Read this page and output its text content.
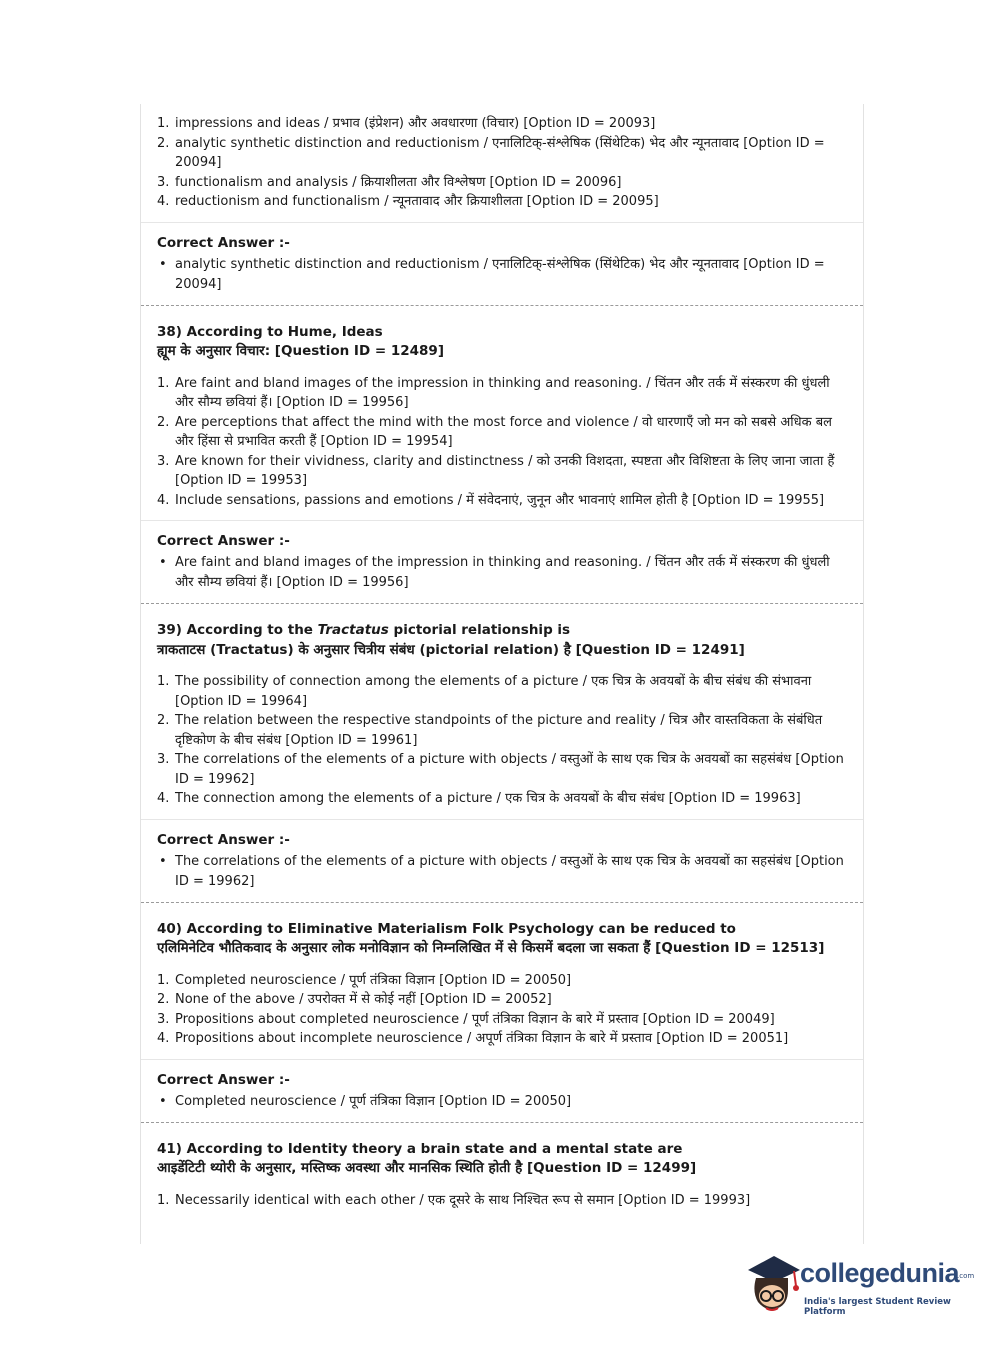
1. impressions and ideas / प्रभाव (इंप्रेशन) और अवधारणा (विचार) [Option ID = 20093]
2. analytic synthetic distinction and reductionism / एनालिटिक्-संश्लेषिक (सिंथेटिक) भेद और न्यूनतावाद [Option ID = 20094]
3. functionalism and analysis / क्रियाशीलता और विश्लेषण [Option ID = 20096]
4. reductionism and functionalism / न्यूनतावाद और क्रियाशीलता [Option ID = 20095]
Correct Answer :-
• analytic synthetic distinction and reductionism / एनालिटिक्-संश्लेषिक (सिंथेटिक) भेद और न्यूनतावाद [Option ID = 20094]
38) According to Hume, Ideas
ह्यूम के अनुसार विचार: [Question ID = 12489]
1. Are faint and bland images of the impression in thinking and reasoning. / चिंतन और तर्क में संस्करण की धुंधली और सौम्य छवियां हैं। [Option ID = 19956]
2. Are perceptions that affect the mind with the most force and violence / वो धारणाएँ जो मन को सबसे अधिक बल और हिंसा से प्रभावित करती हैं [Option ID = 19954]
3. Are known for their vividness, clarity and distinctness / को उनकी विशदता, स्पष्टता और विशिष्टता के लिए जाना जाता हैं [Option ID = 19953]
4. Include sensations, passions and emotions / में संवेदनाएं, जुनून और भावनाएं शामिल होती है [Option ID = 19955]
Correct Answer :-
• Are faint and bland images of the impression in thinking and reasoning. / चिंतन और तर्क में संस्करण की धुंधली और सौम्य छवियां हैं। [Option ID = 19956]
39) According to the Tractatus pictorial relationship is
त्राकताटस (Tractatus) के अनुसार चित्रीय संबंध (pictorial relation) है [Question ID = 12491]
1. The possibility of connection among the elements of a picture / एक चित्र के अवयबों के बीच संबंध की संभावना [Option ID = 19964]
2. The relation between the respective standpoints of the picture and reality / चित्र और वास्तविकता के संबंधित दृष्टिकोण के बीच संबंध [Option ID = 19961]
3. The correlations of the elements of a picture with objects / वस्तुओं के साथ एक चित्र के अवयबों का सहसंबंध [Option ID = 19962]
4. The connection among the elements of a picture / एक चित्र के अवयबों के बीच संबंध [Option ID = 19963]
Correct Answer :-
• The correlations of the elements of a picture with objects / वस्तुओं के साथ एक चित्र के अवयबों का सहसंबंध [Option ID = 19962]
40) According to Eliminative Materialism Folk Psychology can be reduced to
एलिमिनेटिव भौतिकवाद के अनुसार लोक मनोविज्ञान को निम्नलिखित में से किसमें बदला जा सकता हैं [Question ID = 12513]
1. Completed neuroscience / पूर्ण तंत्रिका विज्ञान [Option ID = 20050]
2. None of the above / उपरोक्त में से कोई नहीं [Option ID = 20052]
3. Propositions about completed neuroscience / पूर्ण तंत्रिका विज्ञान के बारे में प्रस्ताव [Option ID = 20049]
4. Propositions about incomplete neuroscience / अपूर्ण तंत्रिका विज्ञान के बारे में प्रस्ताव [Option ID = 20051]
Correct Answer :-
• Completed neuroscience / पूर्ण तंत्रिका विज्ञान [Option ID = 20050]
41) According to Identity theory a brain state and a mental state are
आइडेंटिटी थ्योरी के अनुसार, मस्तिष्क अवस्था और मानसिक स्थिति होती है [Question ID = 12499]
1. Necessarily identical with each other / एक दूसरे के साथ निश्चित रूप से समान [Option ID = 19993]
collegedunia
.com
India's largest Student Review Platform
